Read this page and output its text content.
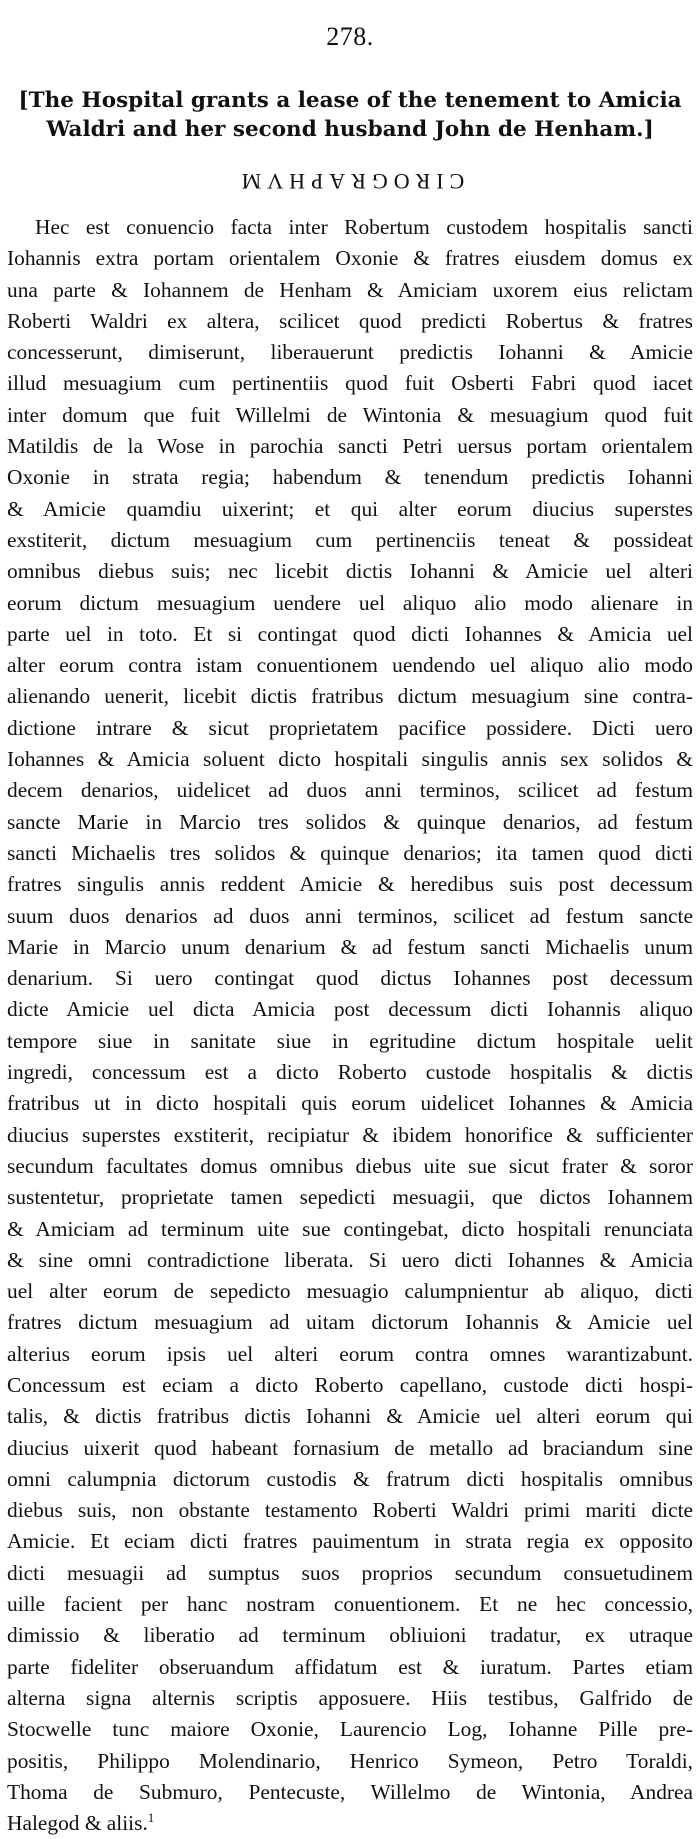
278.
[The Hospital grants a lease of the tenement to Amicia
Waldri and her second husband John de Henham.]
CIROGRAPHVM
Hec est conuencio facta inter Robertum custodem hospitalis sancti
Iohannis extra portam orientalem Oxonie & fratres eiusdem domus ex
una parte & Iohannem de Henham & Amiciam uxorem eius relictam
Roberti Waldri ex altera, scilicet quod predicti Robertus & fratres
concesserunt, dimiserunt, liberauerunt predictis Iohanni & Amicie
illud mesuagium cum pertinentiis quod fuit Osberti Fabri quod iacet
inter domum que fuit Willelmi de Wintonia & mesuagium quod fuit
Matildis de la Wose in parochia sancti Petri uersus portam orientalem
Oxonie in strata regia; habendum & tenendum predictis Iohanni
& Amicie quamdiu uixerint; et qui alter eorum diucius superstes
exstiterit, dictum mesuagium cum pertinenciis teneat & possideat
omnibus diebus suis; nec licebit dictis Iohanni & Amicie uel alteri
eorum dictum mesuagium uendere uel aliquo alio modo alienare in
parte uel in toto. Et si contingat quod dicti Iohannes & Amicia uel
alter eorum contra istam conuentionem uendendo uel aliquo alio modo
alienando uenerit, licebit dictis fratribus dictum mesuagium sine contra-
dictione intrare & sicut proprietatem pacifice possidere. Dicti uero
Iohannes & Amicia soluent dicto hospitali singulis annis sex solidos &
decem denarios, uidelicet ad duos anni terminos, scilicet ad festum
sancte Marie in Marcio tres solidos & quinque denarios, ad festum
sancti Michaelis tres solidos & quinque denarios; ita tamen quod dicti
fratres singulis annis reddent Amicie & heredibus suis post decessum
suum duos denarios ad duos anni terminos, scilicet ad festum sancte
Marie in Marcio unum denarium & ad festum sancti Michaelis unum
denarium. Si uero contingat quod dictus Iohannes post decessum
dicte Amicie uel dicta Amicia post decessum dicti Iohannis aliquo
tempore siue in sanitate siue in egritudine dictum hospitale uelit
ingredi, concessum est a dicto Roberto custode hospitalis & dictis
fratribus ut in dicto hospitali quis eorum uidelicet Iohannes & Amicia
diucius superstes exstiterit, recipiatur & ibidem honorifice & sufficienter
secundum facultates domus omnibus diebus uite sue sicut frater & soror
sustentetur, proprietate tamen sepedicti mesuagii, que dictos Iohannem
& Amiciam ad terminum uite sue contingebat, dicto hospitali renunciata
& sine omni contradictione liberata. Si uero dicti Iohannes & Amicia
uel alter eorum de sepedicto mesuagio calumpnientur ab aliquo, dicti
fratres dictum mesuagium ad uitam dictorum Iohannis & Amicie uel
alterius eorum ipsis uel alteri eorum contra omnes warantizabunt.
Concessum est eciam a dicto Roberto capellano, custode dicti hospi-
talis, & dictis fratribus dictis Iohanni & Amicie uel alteri eorum qui
diucius uixerit quod habeant fornasium de metallo ad braciandum sine
omni calumpnia dictorum custodis & fratrum dicti hospitalis omnibus
diebus suis, non obstante testamento Roberti Waldri primi mariti dicte
Amicie. Et eciam dicti fratres pauimentum in strata regia ex opposito
dicti mesuagii ad sumptus suos proprios secundum consuetudinem
uille facient per hanc nostram conuentionem. Et ne hec concessio,
dimissio & liberatio ad terminum obliuioni tradatur, ex utraque
parte fideliter obseruandum affidatum est & iuratum. Partes etiam
alterna signa alternis scriptis apposuere. Hiis testibus, Galfrido de
Stocwelle tunc maiore Oxonie, Laurencio Log, Iohanne Pille pre-
positis, Philippo Molendinario, Henrico Symeon, Petro Toraldi,
Thoma de Submuro, Pentecuste, Willelmo de Wintonia, Andrea
Halegod & aliis.$^1$
